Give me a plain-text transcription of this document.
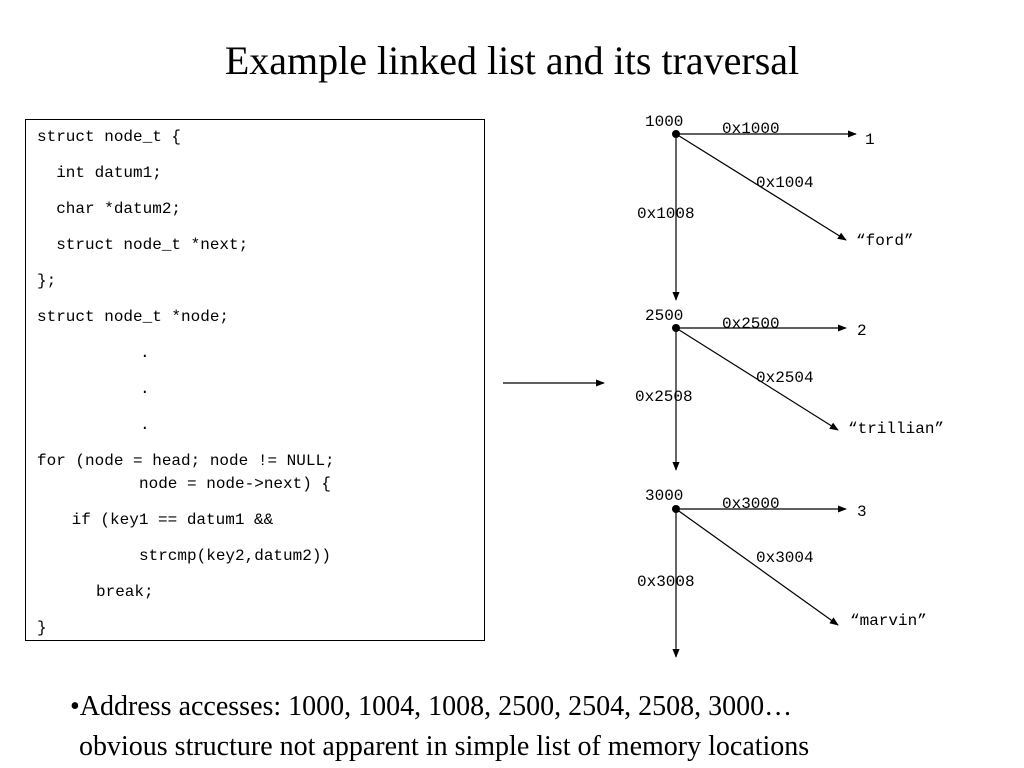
Example linked list and its traversal
struct node_t {
int datum1;
char *datum2;
struct node_t *next;
};
struct node_t *node;
.
.
.
for (node = head; node != NULL;
node = node->next) {
if (key1 == datum1 &&
strcmp(key2,datum2))
break;
}
1000 0x1000
1
0x1004
“ford”
0x1008
2500 0x2500	2
0x2504
“trillian”
0x2508
3000 0x3000	3
0x3004
“marvin”
0x3008
•Address accesses: 1000, 1004, 1008, 2500, 2504, 2508, 3000…
obvious structure not apparent in simple list of memory locations
